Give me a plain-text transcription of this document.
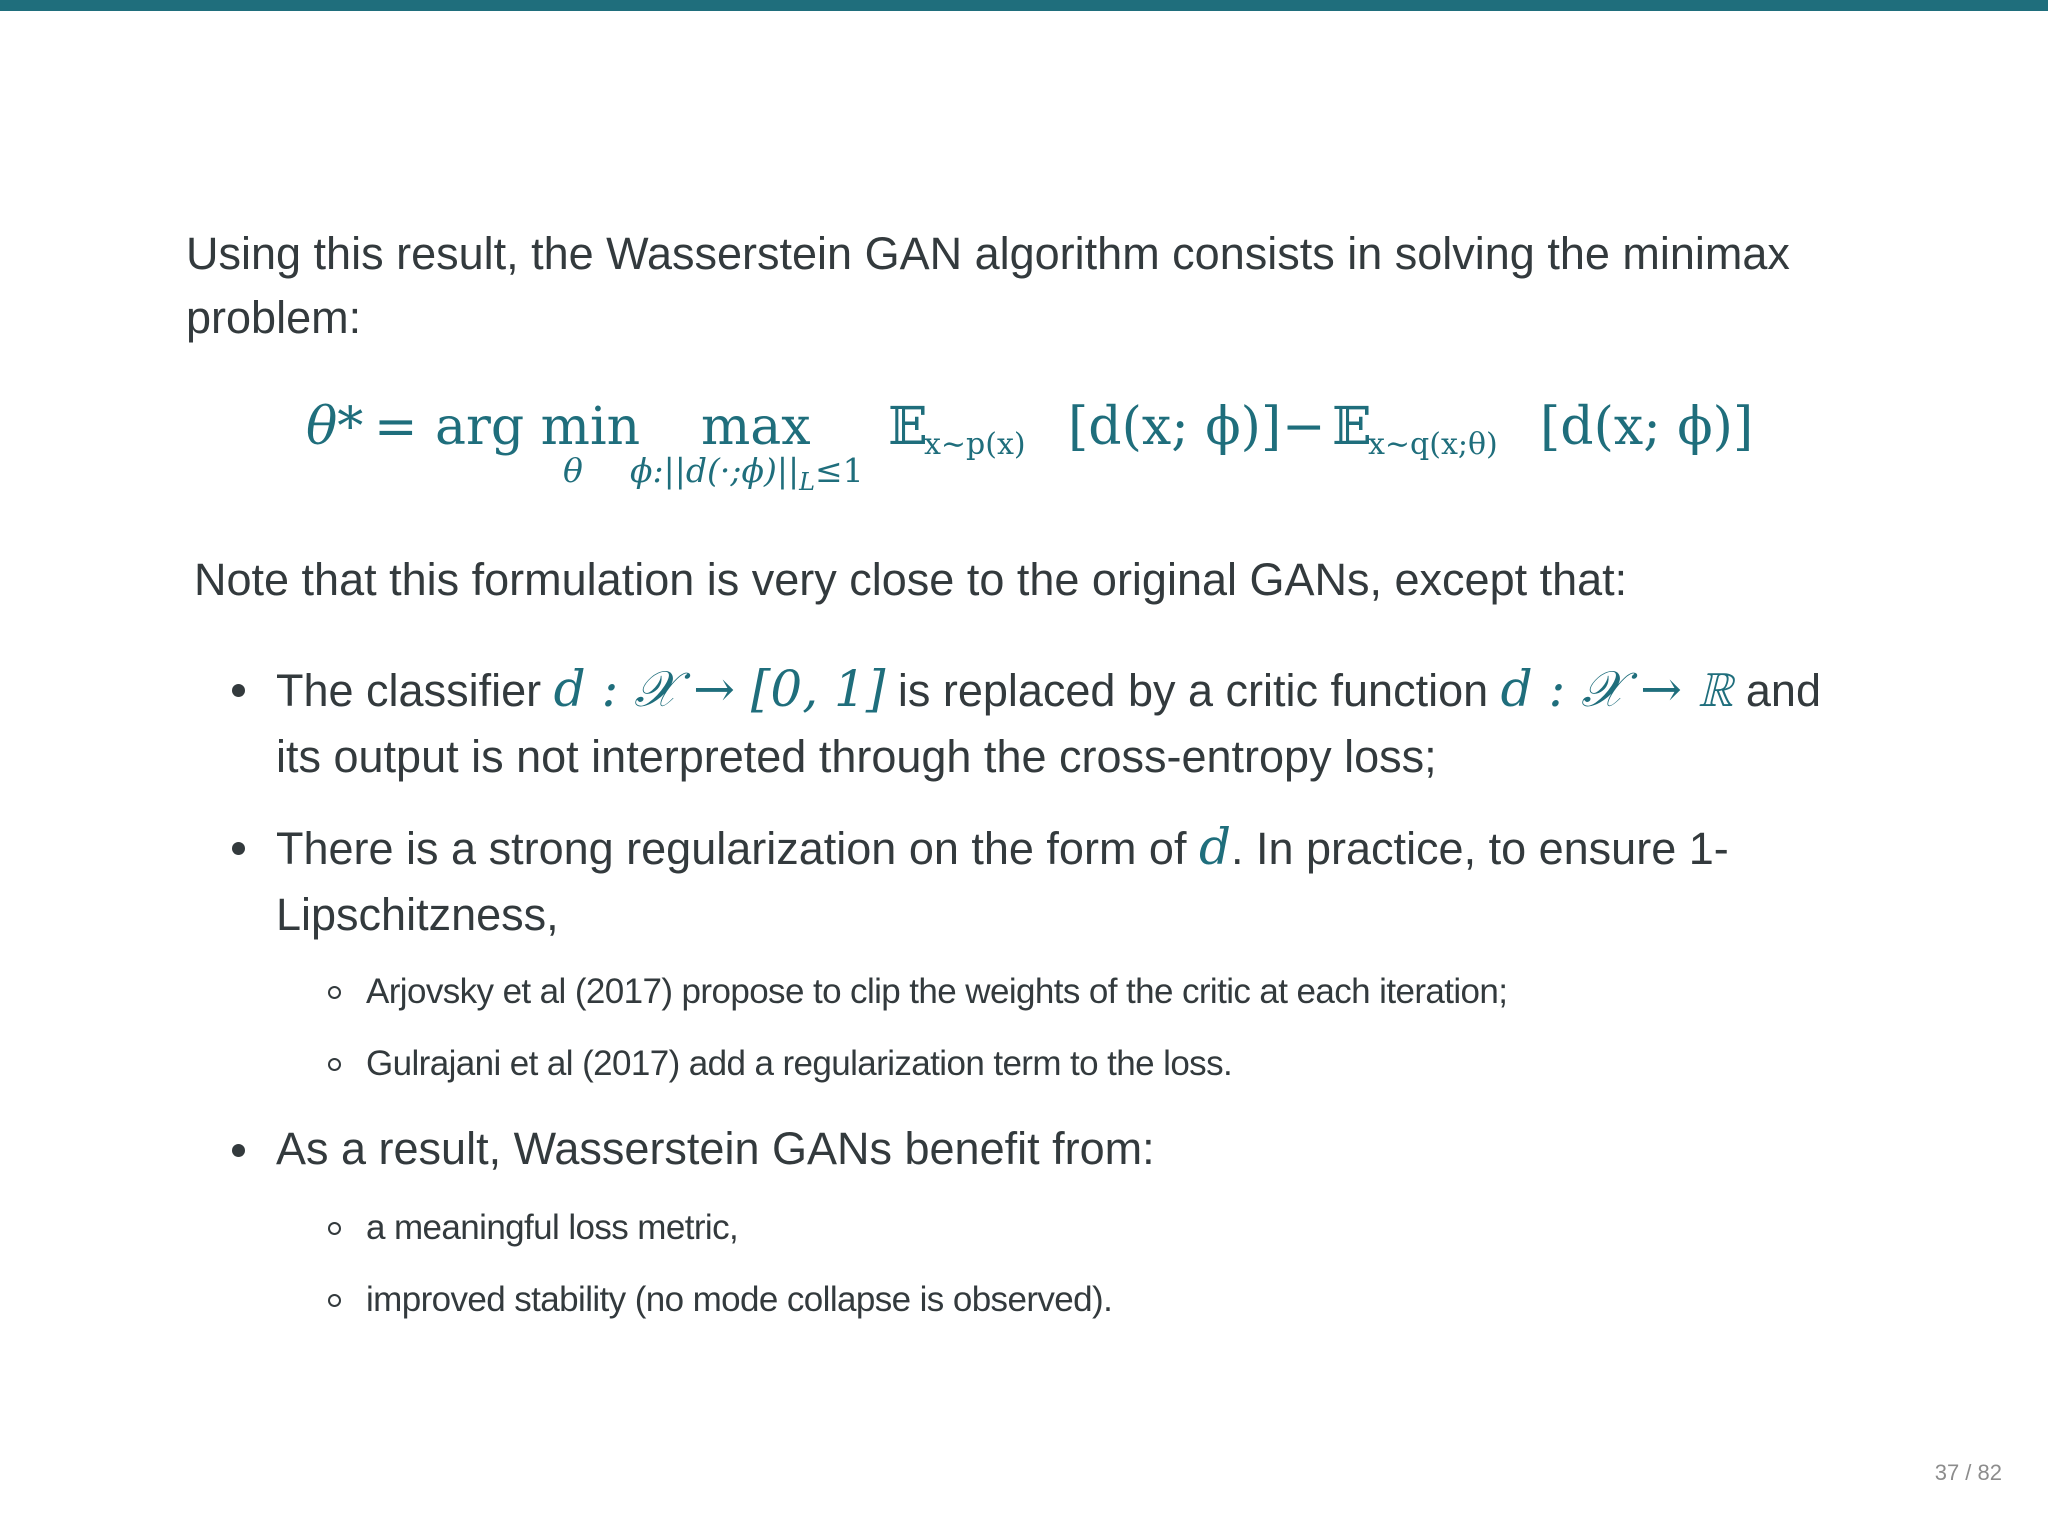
Using this result, the Wasserstein GAN algorithm consists in solving the minimax problem:
θ* = arg min
θ
max
$\phi:||d(\cdot;\phi)||_L\le 1$
𝔼
x∼p(x) [d(x; ϕ)] − 𝔼
x∼q(x;θ) [d(x; ϕ)]
Note that this formulation is very close to the original GANs, except that:
The classifier d : 𝒳 → [0, 1] is replaced by a critic function d : 𝒳 → ℝ and its output is not interpreted through the cross-entropy loss;
There is a strong regularization on the form of d. In practice, to ensure 1-Lipschitzness,
Arjovsky et al (2017) propose to clip the weights of the critic at each iteration;
Gulrajani et al (2017) add a regularization term to the loss.
As a result, Wasserstein GANs benefit from:
a meaningful loss metric,
improved stability (no mode collapse is observed).
37 / 82
